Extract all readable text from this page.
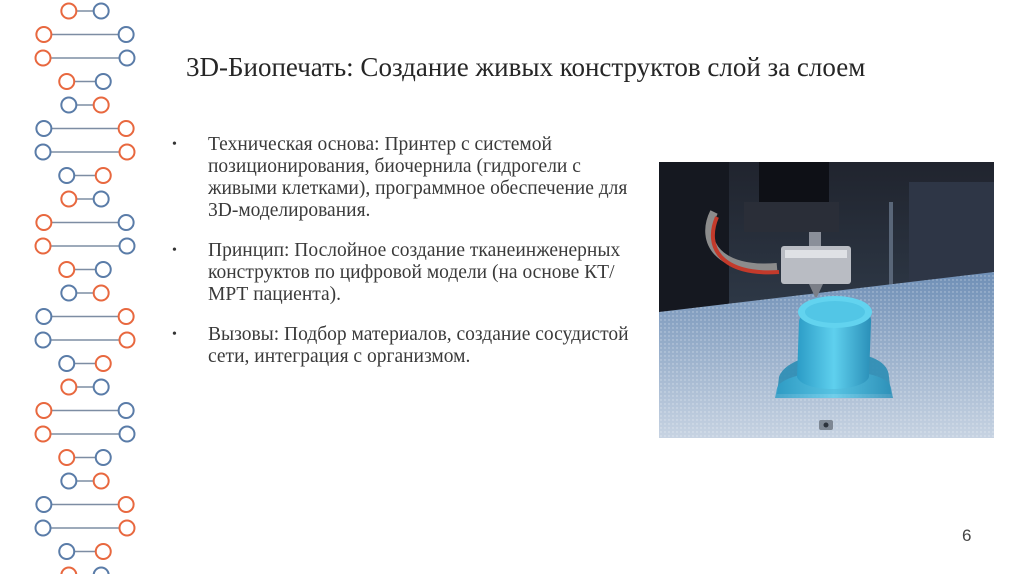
3D-Биопечать: Создание живых конструктов слой за слоем
• Техническая основа: Принтер с системой позиционирования, биочернила (гидрогели с живыми клетками), программное обеспечение для 3D-моделирования.
• Принцип: Послойное создание тканеинженерных конструктов по цифровой модели (на основе КТ/МРТ пациента).
• Вызовы: Подбор материалов, создание сосудистой сети, интеграция с организмом.
6
